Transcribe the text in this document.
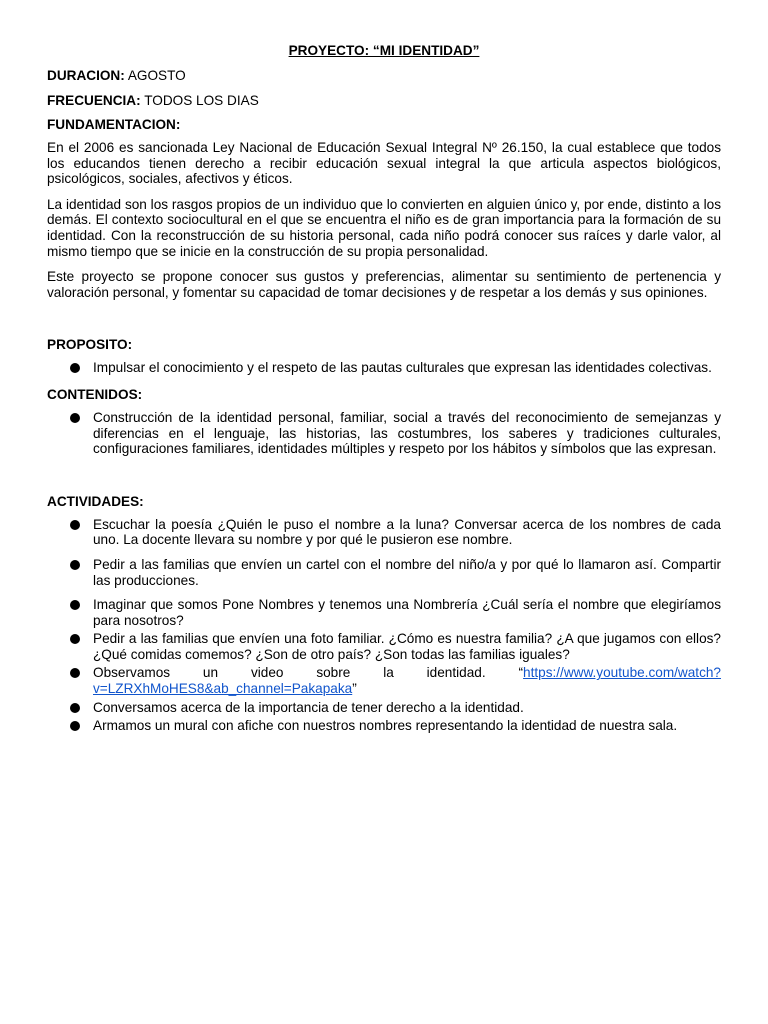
PROYECTO: “MI IDENTIDAD”
DURACION: AGOSTO
FRECUENCIA: TODOS LOS DIAS
FUNDAMENTACION:

En el 2006 es sancionada Ley Nacional de Educación Sexual Integral Nº 26.150, la cual establece que todos los educandos tienen derecho a recibir educación sexual integral la que articula aspectos biológicos, psicológicos, sociales, afectivos y éticos.

La identidad son los rasgos propios de un individuo que lo convierten en alguien único y, por ende, distinto a los demás. El contexto sociocultural en el que se encuentra el niño es de gran importancia para la formación de su identidad. Con la reconstrucción de su historia personal, cada niño podrá conocer sus raíces y darle valor, al mismo tiempo que se inicie en la construcción de su propia personalidad.

Este proyecto se propone conocer sus gustos y preferencias, alimentar su sentimiento de pertenencia y valoración personal, y fomentar su capacidad de tomar decisiones y de respetar a los demás y sus opiniones.

PROPOSITO:
Impulsar el conocimiento y el respeto de las pautas culturales que expresan las identidades colectivas.
CONTENIDOS:
Construcción de la identidad personal, familiar, social a través del reconocimiento de semejanzas y diferencias en el lenguaje, las historias, las costumbres, los saberes y tradiciones culturales, configuraciones familiares, identidades múltiples y respeto por los hábitos y símbolos que las expresan.
ACTIVIDADES:
Escuchar la poesía ¿Quién le puso el nombre a la luna? Conversar acerca de los nombres de cada uno. La docente llevara su nombre y por qué le pusieron ese nombre.
Pedir a las familias que envíen un cartel con el nombre del niño/a y por qué lo llamaron así. Compartir las producciones.
Imaginar que somos Pone Nombres y tenemos una Nombrería ¿Cuál sería el nombre que elegiríamos para nosotros?
Pedir a las familias que envíen una foto familiar. ¿Cómo es nuestra familia? ¿A que jugamos con ellos? ¿Qué comidas comemos? ¿Son de otro país? ¿Son todas las familias iguales?
Observamos un video sobre la identidad. “https://www.youtube.com/watch?v=LZRXhMoHES8&ab_channel=Pakapaka”
Conversamos acerca de la importancia de tener derecho a la identidad.
Armamos un mural con afiche con nuestros nombres representando la identidad de nuestra sala.
